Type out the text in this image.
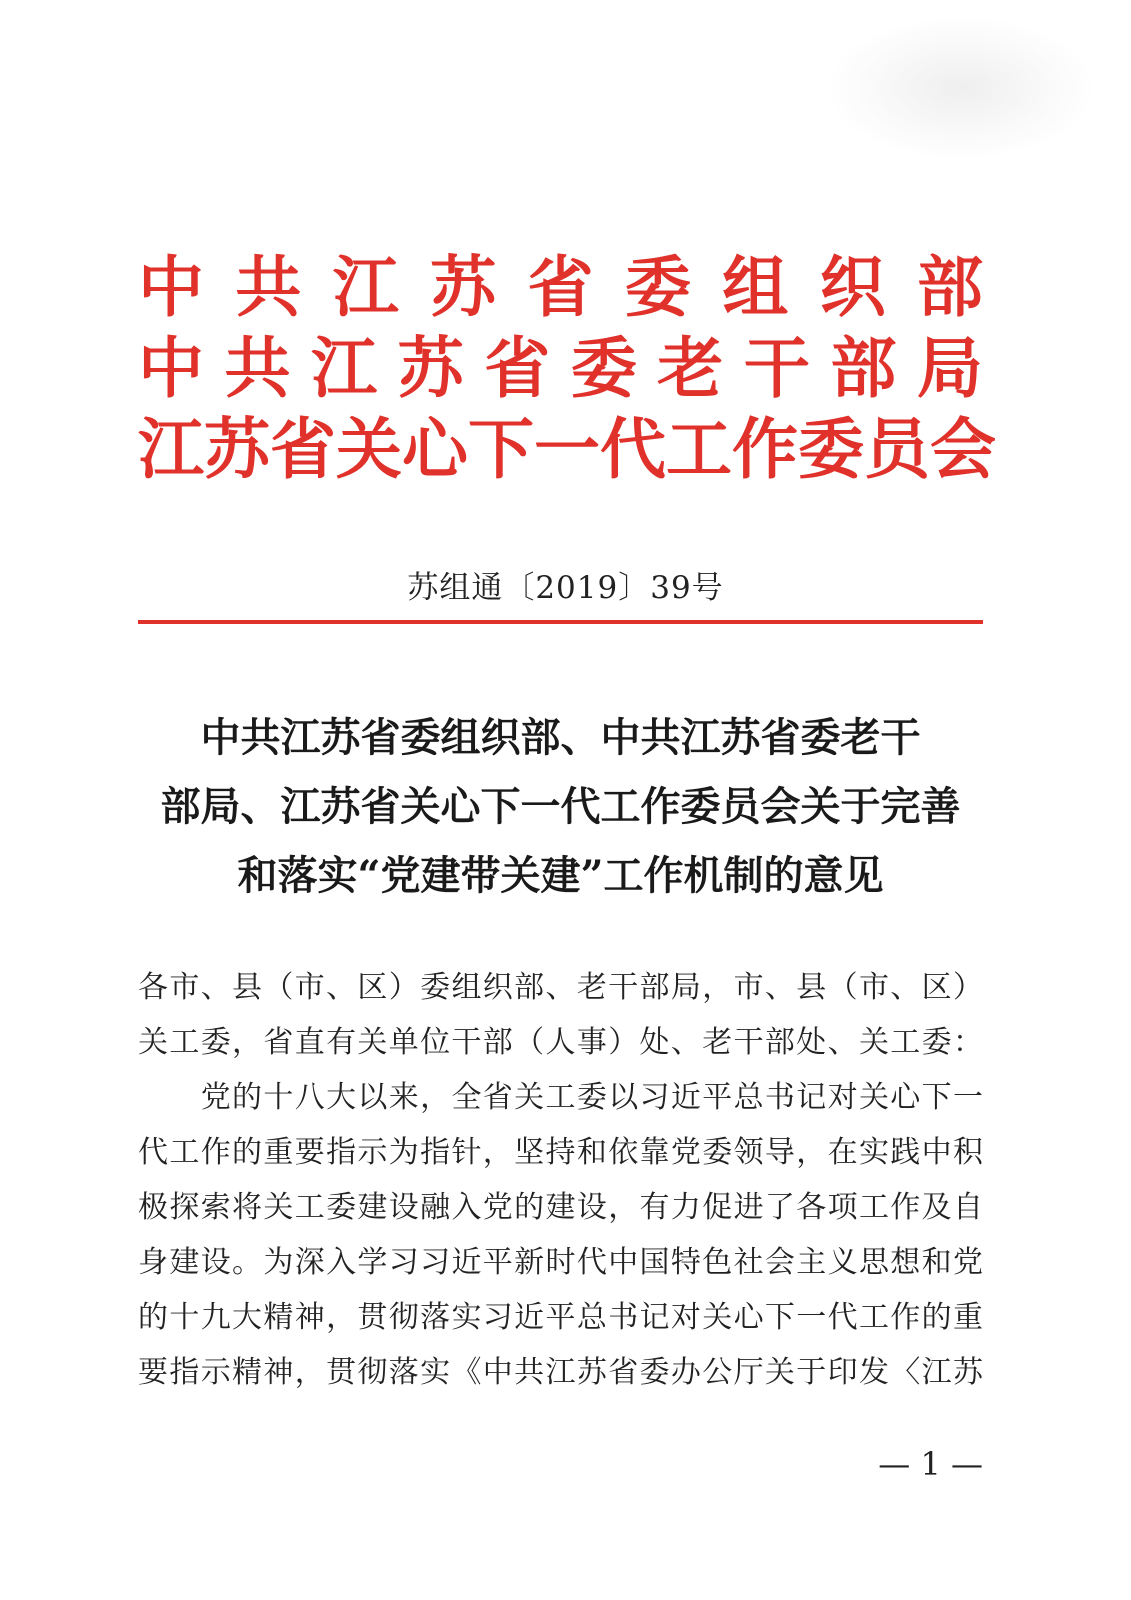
中 共 江 苏 省 委 组 织 部
中 共 江 苏 省 委 老 干 部 局
江 苏 省 关 心 下 一 代 工 作 委 员 会
苏组通〔2019〕39号
中共江苏省委组织部、中共江苏省委老干
部局、江苏省关心下一代工作委员会关于完善
和落实“党建带关建”工作机制的意见
各市、县（市、区）委组织部、老干部局，市、县（市、区）
关工委，省直有关单位干部（人事）处、老干部处、关工委：
　　党的十八大以来，全省关工委以习近平总书记对关心下一
代工作的重要指示为指针，坚持和依靠党委领导，在实践中积
极探索将关工委建设融入党的建设，有力促进了各项工作及自
身建设。为深入学习习近平新时代中国特色社会主义思想和党
的十九大精神，贯彻落实习近平总书记对关心下一代工作的重
要指示精神，贯彻落实《中共江苏省委办公厅关于印发〈江苏
— 1 —
